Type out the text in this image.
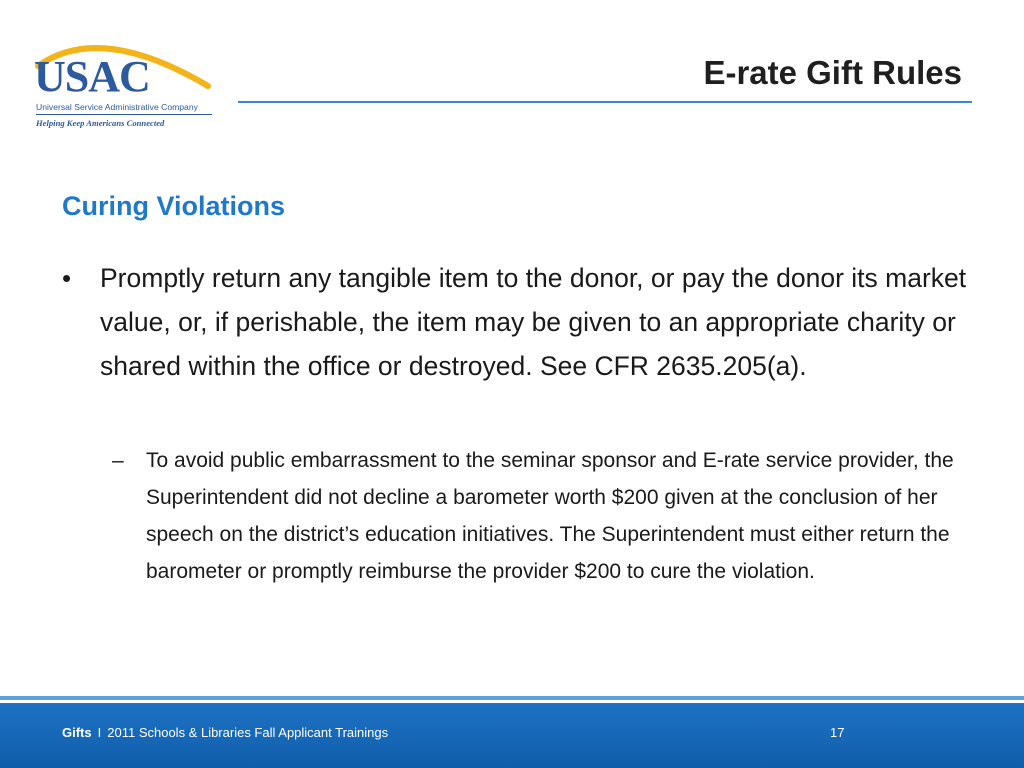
USAC
Universal Service Administrative Company
Helping Keep Americans Connected
E-rate Gift Rules
Curing Violations
• Promptly return any tangible item to the donor, or pay the donor its market value, or, if perishable, the item may be given to an appropriate charity or shared within the office or destroyed. See CFR 2635.205(a).
– To avoid public embarrassment to the seminar sponsor and E-rate service provider, the Superintendent did not decline a barometer worth $200 given at the conclusion of her speech on the district’s education initiatives. The Superintendent must either return the barometer or promptly reimburse the provider $200 to cure the violation.
Gifts I 2011 Schools & Libraries Fall Applicant Trainings	17
